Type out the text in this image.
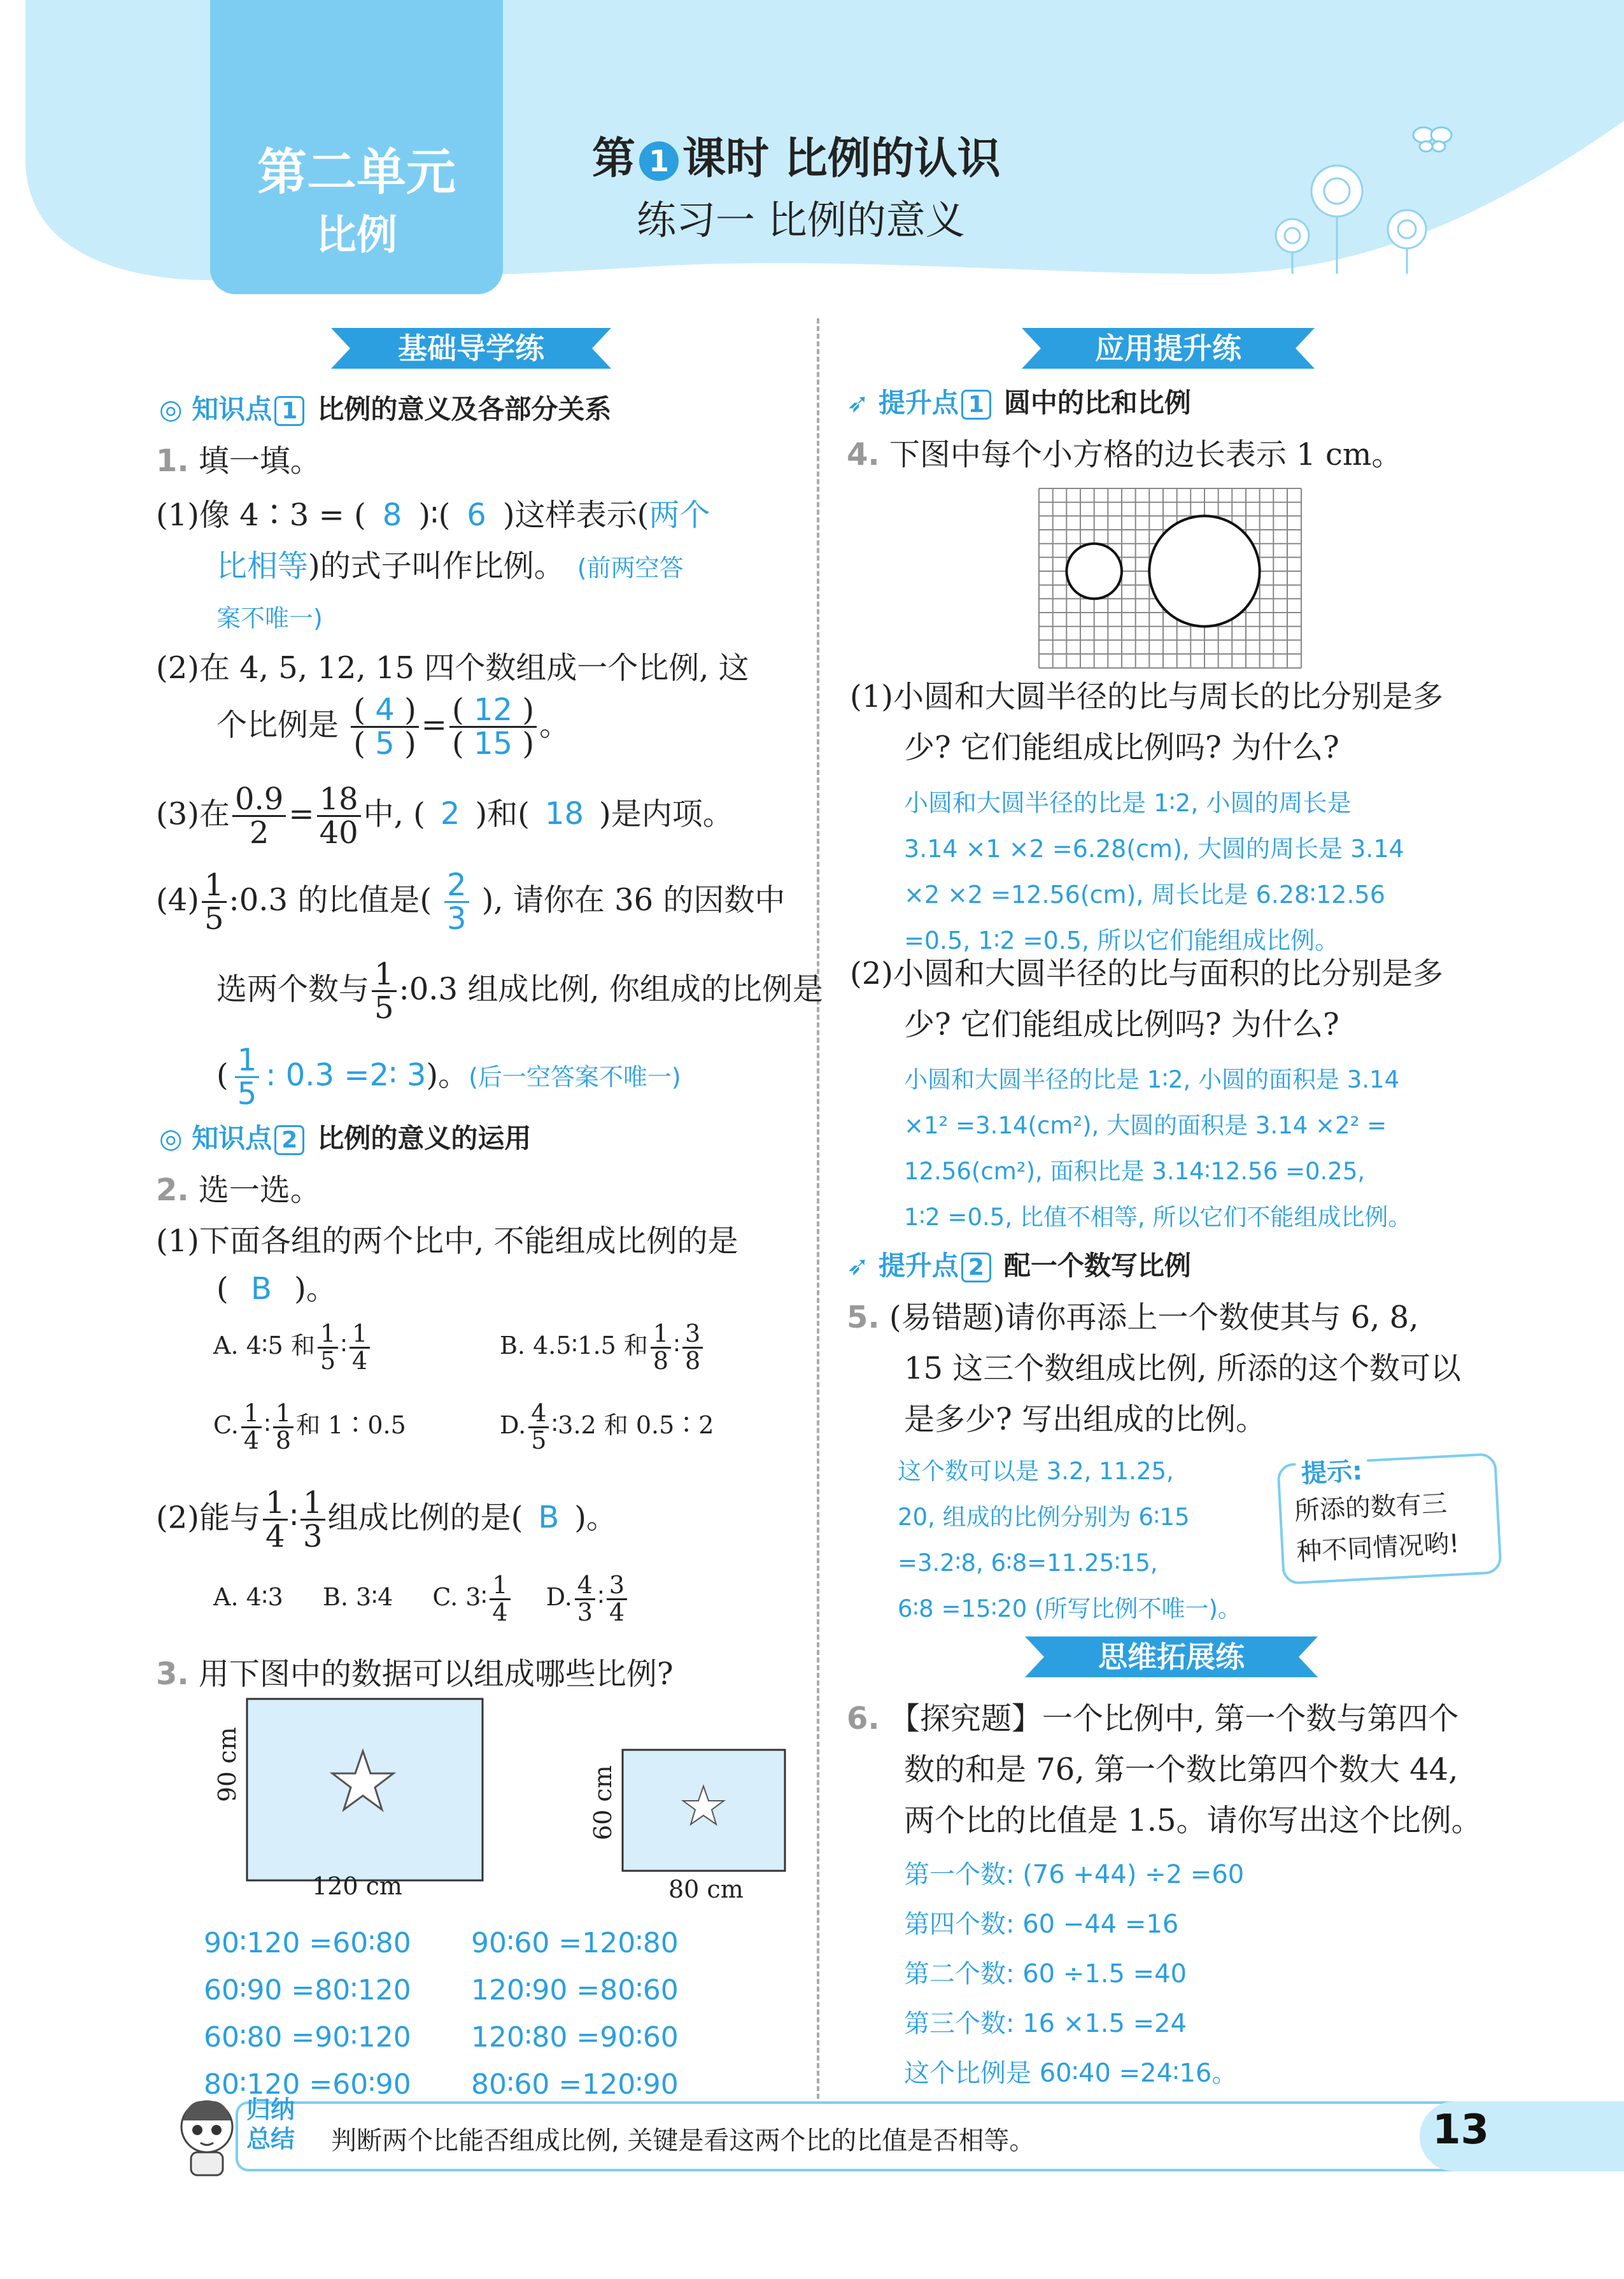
第二单元
比例
第 1 课时 比例的认识
练习一 比例的意义
基础导学练
◎ 知识点 1 比例的意义及各部分关系
1. 填一填。
(1)像 4∶3 = ( 8 )∶( 6 )这样表示(两个
比相等)的式子叫作比例。 (前两空答
案不唯一)
(2)在 4, 5, 12, 15 四个数组成一个比例, 这
个比例是 $\frac{( 4 )}{( 5 )} = \frac{( 12 )}{( 15 )}$ 。
(3)在 $\frac{0.9}{2} = \frac{18}{40}$ 中, ( 2 )和( 18 )是内项。
$(4) \frac{1}{5}$ :0.3 的比值是( $\frac{2}{3}$ ), 请你在 36 的因数中
选两个数与 $\frac{1}{5}$ :0.3 组成比例, 你组成的比例是
( $\frac{1}{5}$ : 0.3 =2∶ 3)。(后一空答案不唯一)
◎ 知识点 2 比例的意义的运用
2. 选一选。
(1)下面各组的两个比中, 不能组成比例的是
( B )。
A. 4∶5 和 $\frac{1}{5}$ ∶ $\frac{1}{4}$	B. 4.5∶1.5 和 $\frac{1}{8}$ ∶ $\frac{3}{8}$
C. $\frac{1}{4}$ ∶ $\frac{1}{8}$ 和 1∶0.5	D. $\frac{4}{5}$ ∶3.2 和 0.5∶2
(2)能与 $\frac{1}{4}$ ∶ $\frac{1}{3}$ 组成比例的是( B )。
A. 4∶3 B. 3∶4 C. 3∶ $\frac{1}{4} D$. $\frac{4}{3}$ ∶ $\frac{3}{4}$
3. 用下图中的数据可以组成哪些比例?
90 cm
120 cm
60 cm
80 cm
90∶120 =60∶80 90∶60 =120∶80
60∶90 =80∶120 120∶90 =80∶60
60∶80 =90∶120 120∶80 =90∶60
80∶120 =60∶90 80∶60 =120∶90
应用提升练
➶ 提升点 1 圆中的比和比例
4. 下图中每个小方格的边长表示 1 cm。
(1)小圆和大圆半径的比与周长的比分别是多
少? 它们能组成比例吗? 为什么?
小圆和大圆半径的比是 1∶2, 小圆的周长是
3.14 ×1 ×2 =6.28(cm), 大圆的周长是 3.14
×2 ×2 =12.56(cm), 周长比是 6.28∶12.56
=0.5, 1∶2 =0.5, 所以它们能组成比例。
(2)小圆和大圆半径的比与面积的比分别是多
少? 它们能组成比例吗? 为什么?
小圆和大圆半径的比是 1∶2, 小圆的面积是 3.14
×1² =3.14(cm²), 大圆的面积是 3.14 ×2² =
12.56(cm²), 面积比是 3.14∶12.56 =0.25,
1∶2 =0.5, 比值不相等, 所以它们不能组成比例。
➶ 提升点 2 配一个数写比例
5. (易错题)请你再添上一个数使其与 6, 8,
15 这三个数组成比例, 所添的这个数可以
是多少? 写出组成的比例。
这个数可以是 3.2, 11.25,
20, 组成的比例分别为 6∶15
=3.2∶8, 6∶8=11.25∶15,
6∶8 =15∶20 (所写比例不唯一)。
提示:
所添的数有三
种不同情况哟!
思维拓展练
6. 【探究题】一个比例中, 第一个数与第四个
数的和是 76, 第一个数比第四个数大 44,
两个比的比值是 1.5。请你写出这个比例。
第一个数: (76 +44) ÷2 =60
第四个数: 60 −44 =16
第二个数: 60 ÷1.5 =40
第三个数: 16 ×1.5 =24
这个比例是 60∶40 =24∶16。
归纳
总结	判断两个比能否组成比例, 关键是看这两个比的比值是否相等。	13
